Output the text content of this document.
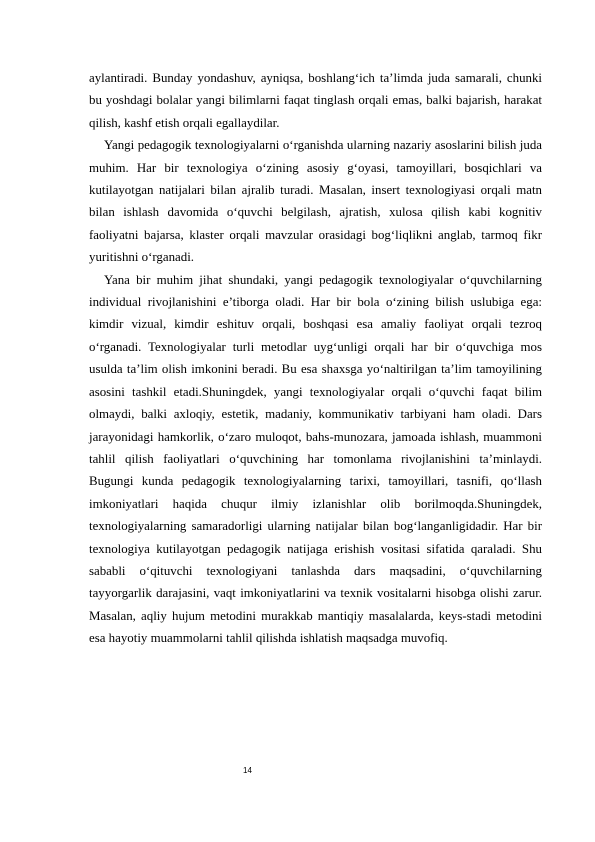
aylantiradi. Bunday yondashuv, ayniqsa, boshlang‘ich ta’limda juda samarali, chunki bu yoshdagi bolalar yangi bilimlarni faqat tinglash orqali emas, balki bajarish, harakat qilish, kashf etish orqali egallaydilar.

Yangi pedagogik texnologiyalarni o‘rganishda ularning nazariy asoslarini bilish juda muhim. Har bir texnologiya o‘zining asosiy g‘oyasi, tamoyillari, bosqichlari va kutilayotgan natijalari bilan ajralib turadi. Masalan, insert texnologiyasi orqali matn bilan ishlash davomida o‘quvchi belgilash, ajratish, xulosa qilish kabi kognitiv faoliyatni bajarsa, klaster orqali mavzular orasidagi bog‘liqlikni anglab, tarmoq fikr yuritishni o‘rganadi.

Yana bir muhim jihat shundaki, yangi pedagogik texnologiyalar o‘quvchilarning individual rivojlanishini e’tiborga oladi. Har bir bola o‘zining bilish uslubiga ega: kimdir vizual, kimdir eshituv orqali, boshqasi esa amaliy faoliyat orqali tezroq o‘rganadi. Texnologiyalar turli metodlar uyg‘unligi orqali har bir o‘quvchiga mos usulda ta’lim olish imkonini beradi. Bu esa shaxsga yo‘naltirilgan ta’lim tamoyilining asosini tashkil etadi.Shuningdek, yangi texnologiyalar orqali o‘quvchi faqat bilim olmaydi, balki axloqiy, estetik, madaniy, kommunikativ tarbiyani ham oladi. Dars jarayonidagi hamkorlik, o‘zaro muloqot, bahs-munozara, jamoada ishlash, muammoni tahlil qilish faoliyatlari o‘quvchining har tomonlama rivojlanishini ta’minlaydi. Bugungi kunda pedagogik texnologiyalarning tarixi, tamoyillari, tasnifi, qo‘llash imkoniyatlari haqida chuqur ilmiy izlanishlar olib borilmoqda.Shuningdek, texnologiyalarning samaradorligi ularning natijalar bilan bog‘langanligidadir. Har bir texnologiya kutilayotgan pedagogik natijaga erishish vositasi sifatida qaraladi. Shu sababli o‘qituvchi texnologiyani tanlashda dars maqsadini, o‘quvchilarning tayyorgarlik darajasini, vaqt imkoniyatlarini va texnik vositalarni hisobga olishi zarur. Masalan, aqliy hujum metodini murakkab mantiqiy masalalarda, keys-stadi metodini esa hayotiy muammolarni tahlil qilishda ishlatish maqsadga muvofiq.

14
